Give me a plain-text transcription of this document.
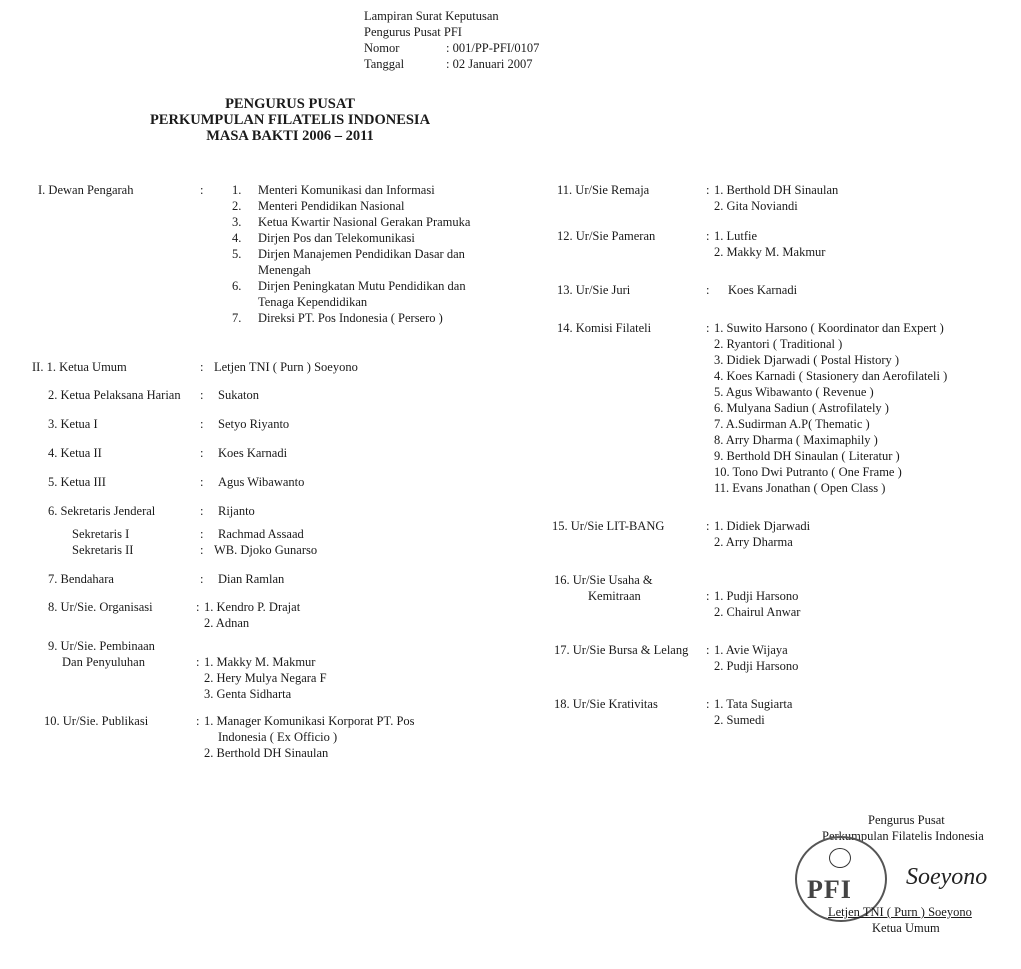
Lampiran Surat Keputusan
Pengurus Pusat PFI
Nomor	: 001/PP-PFI/0107
Tanggal	: 02 Januari 2007
PENGURUS PUSAT
PERKUMPULAN FILATELIS INDONESIA
MASA BAKTI 2006 – 2011
I. Dewan Pengarah	: 1.	Menteri Komunikasi dan Informasi
2.	Menteri Pendidikan Nasional
3.	Ketua Kwartir Nasional Gerakan Pramuka
4.	Dirjen Pos dan Telekomunikasi
5.	Dirjen Manajemen Pendidikan Dasar dan Menengah
6.	Dirjen Peningkatan Mutu Pendidikan dan Tenaga Kependidikan
7.	Direksi PT. Pos Indonesia ( Persero )
II. 1. Ketua Umum	: Letjen TNI ( Purn ) Soeyono
2. Ketua Pelaksana Harian : Sukaton
3. Ketua I	: Setyo Riyanto
4. Ketua II	: Koes Karnadi
5. Ketua III	: Agus Wibawanto
6. Sekretaris Jenderal	: Rijanto
Sekretaris I	: Rachmad Assaad
Sekretaris II	: WB. Djoko Gunarso
7. Bendahara	: Dian Ramlan
8. Ur/Sie. Organisasi	: 1. Kendro P. Drajat
2. Adnan
9. Ur/Sie. Pembinaan
Dan Penyuluhan	: 1. Makky M. Makmur
2. Hery Mulya Negara F
3. Genta Sidharta
10. Ur/Sie. Publikasi	: 1. Manager Komunikasi Korporat PT. Pos
Indonesia ( Ex Officio )
2. Berthold DH Sinaulan
11. Ur/Sie Remaja	: 1. Berthold DH Sinaulan
2. Gita Noviandi
12. Ur/Sie Pameran	: 1. Lutfie
2. Makky M. Makmur
13. Ur/Sie Juri	: Koes Karnadi
14. Komisi Filateli	: 1. Suwito Harsono ( Koordinator dan Expert )
2. Ryantori ( Traditional )
3. Didiek Djarwadi ( Postal History )
4. Koes Karnadi ( Stasionery dan Aerofilateli )
5. Agus Wibawanto ( Revenue )
6. Mulyana Sadiun ( Astrofilately )
7. A.Sudirman A.P( Thematic )
8. Arry Dharma ( Maximaphily )
9. Berthold DH Sinaulan ( Literatur )
10. Tono Dwi Putranto ( One Frame )
11. Evans Jonathan ( Open Class )
15. Ur/Sie LIT-BANG	: 1. Didiek Djarwadi
2. Arry Dharma
16. Ur/Sie Usaha &
Kemitraan	: 1. Pudji Harsono
2. Chairul Anwar
17. Ur/Sie Bursa & Lelang : 1. Avie Wijaya
2. Pudji Harsono
18. Ur/Sie Krativitas	: 1. Tata Sugiarta
2. Sumedi
Pengurus Pusat
Perkumpulan Filatelis Indonesia
PFI Soeyono
Letjen TNI ( Purn ) Soeyono
Ketua Umum
